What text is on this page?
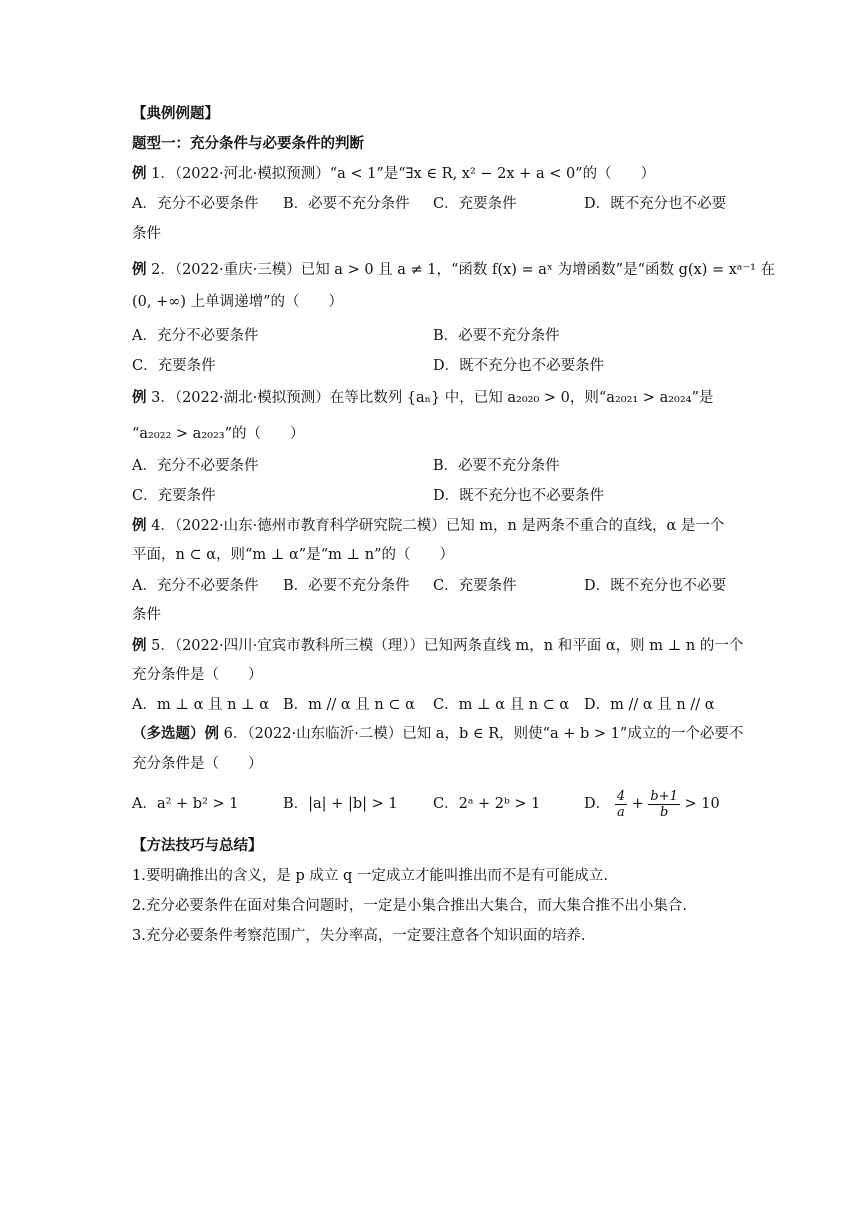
【典例例题】
题型一：充分条件与必要条件的判断
例 1．（2022·河北·模拟预测）“a < 1”是“∃x ∈ R, x² − 2x + a < 0”的（　　）
A．充分不必要条件 B．必要不充分条件 C．充要条件	D．既不充分也不必要
条件
例 2．（2022·重庆·三模）已知 a > 0 且 a ≠ 1，“函数 f(x) = aˣ 为增函数”是“函数 g(x) = xᵃ⁻¹ 在
(0, +∞) 上单调递增”的（　　）
A．充分不必要条件	B．必要不充分条件
C．充要条件	D．既不充分也不必要条件
例 3．（2022·湖北·模拟预测）在等比数列 {aₙ} 中，已知 a₂₀₂₀ > 0，则“a₂₀₂₁ > a₂₀₂₄”是
“a₂₀₂₂ > a₂₀₂₃”的（　　）
A．充分不必要条件	B．必要不充分条件
C．充要条件	D．既不充分也不必要条件
例 4．（2022·山东·德州市教育科学研究院二模）已知 m，n 是两条不重合的直线，α 是一个
平面，n ⊂ α，则“m ⊥ α”是“m ⊥ n”的（　　）
A．充分不必要条件 B．必要不充分条件 C．充要条件	D．既不充分也不必要
条件
例 5．（2022·四川·宜宾市教科所三模（理））已知两条直线 m，n 和平面 α，则 m ⊥ n 的一个
充分条件是（　　）
A．m ⊥ α 且 n ⊥ α B．m // α 且 n ⊂ α C．m ⊥ α 且 n ⊂ α D．m // α 且 n // α
（多选题）例 6．（2022·山东临沂·二模）已知 a，b ∈ R，则使“a + b > 1”成立的一个必要不
充分条件是（　　）
A．a² + b² > 1	B．|a| + |b| > 1 C．2ᵃ + 2ᵇ > 1	D． $\frac{4}{a} + \frac{b+1}{b} > 10$
【方法技巧与总结】
1.要明确推出的含义，是 p 成立 q 一定成立才能叫推出而不是有可能成立.
2.充分必要条件在面对集合问题时，一定是小集合推出大集合，而大集合推不出小集合.
3.充分必要条件考察范围广，失分率高，一定要注意各个知识面的培养.
